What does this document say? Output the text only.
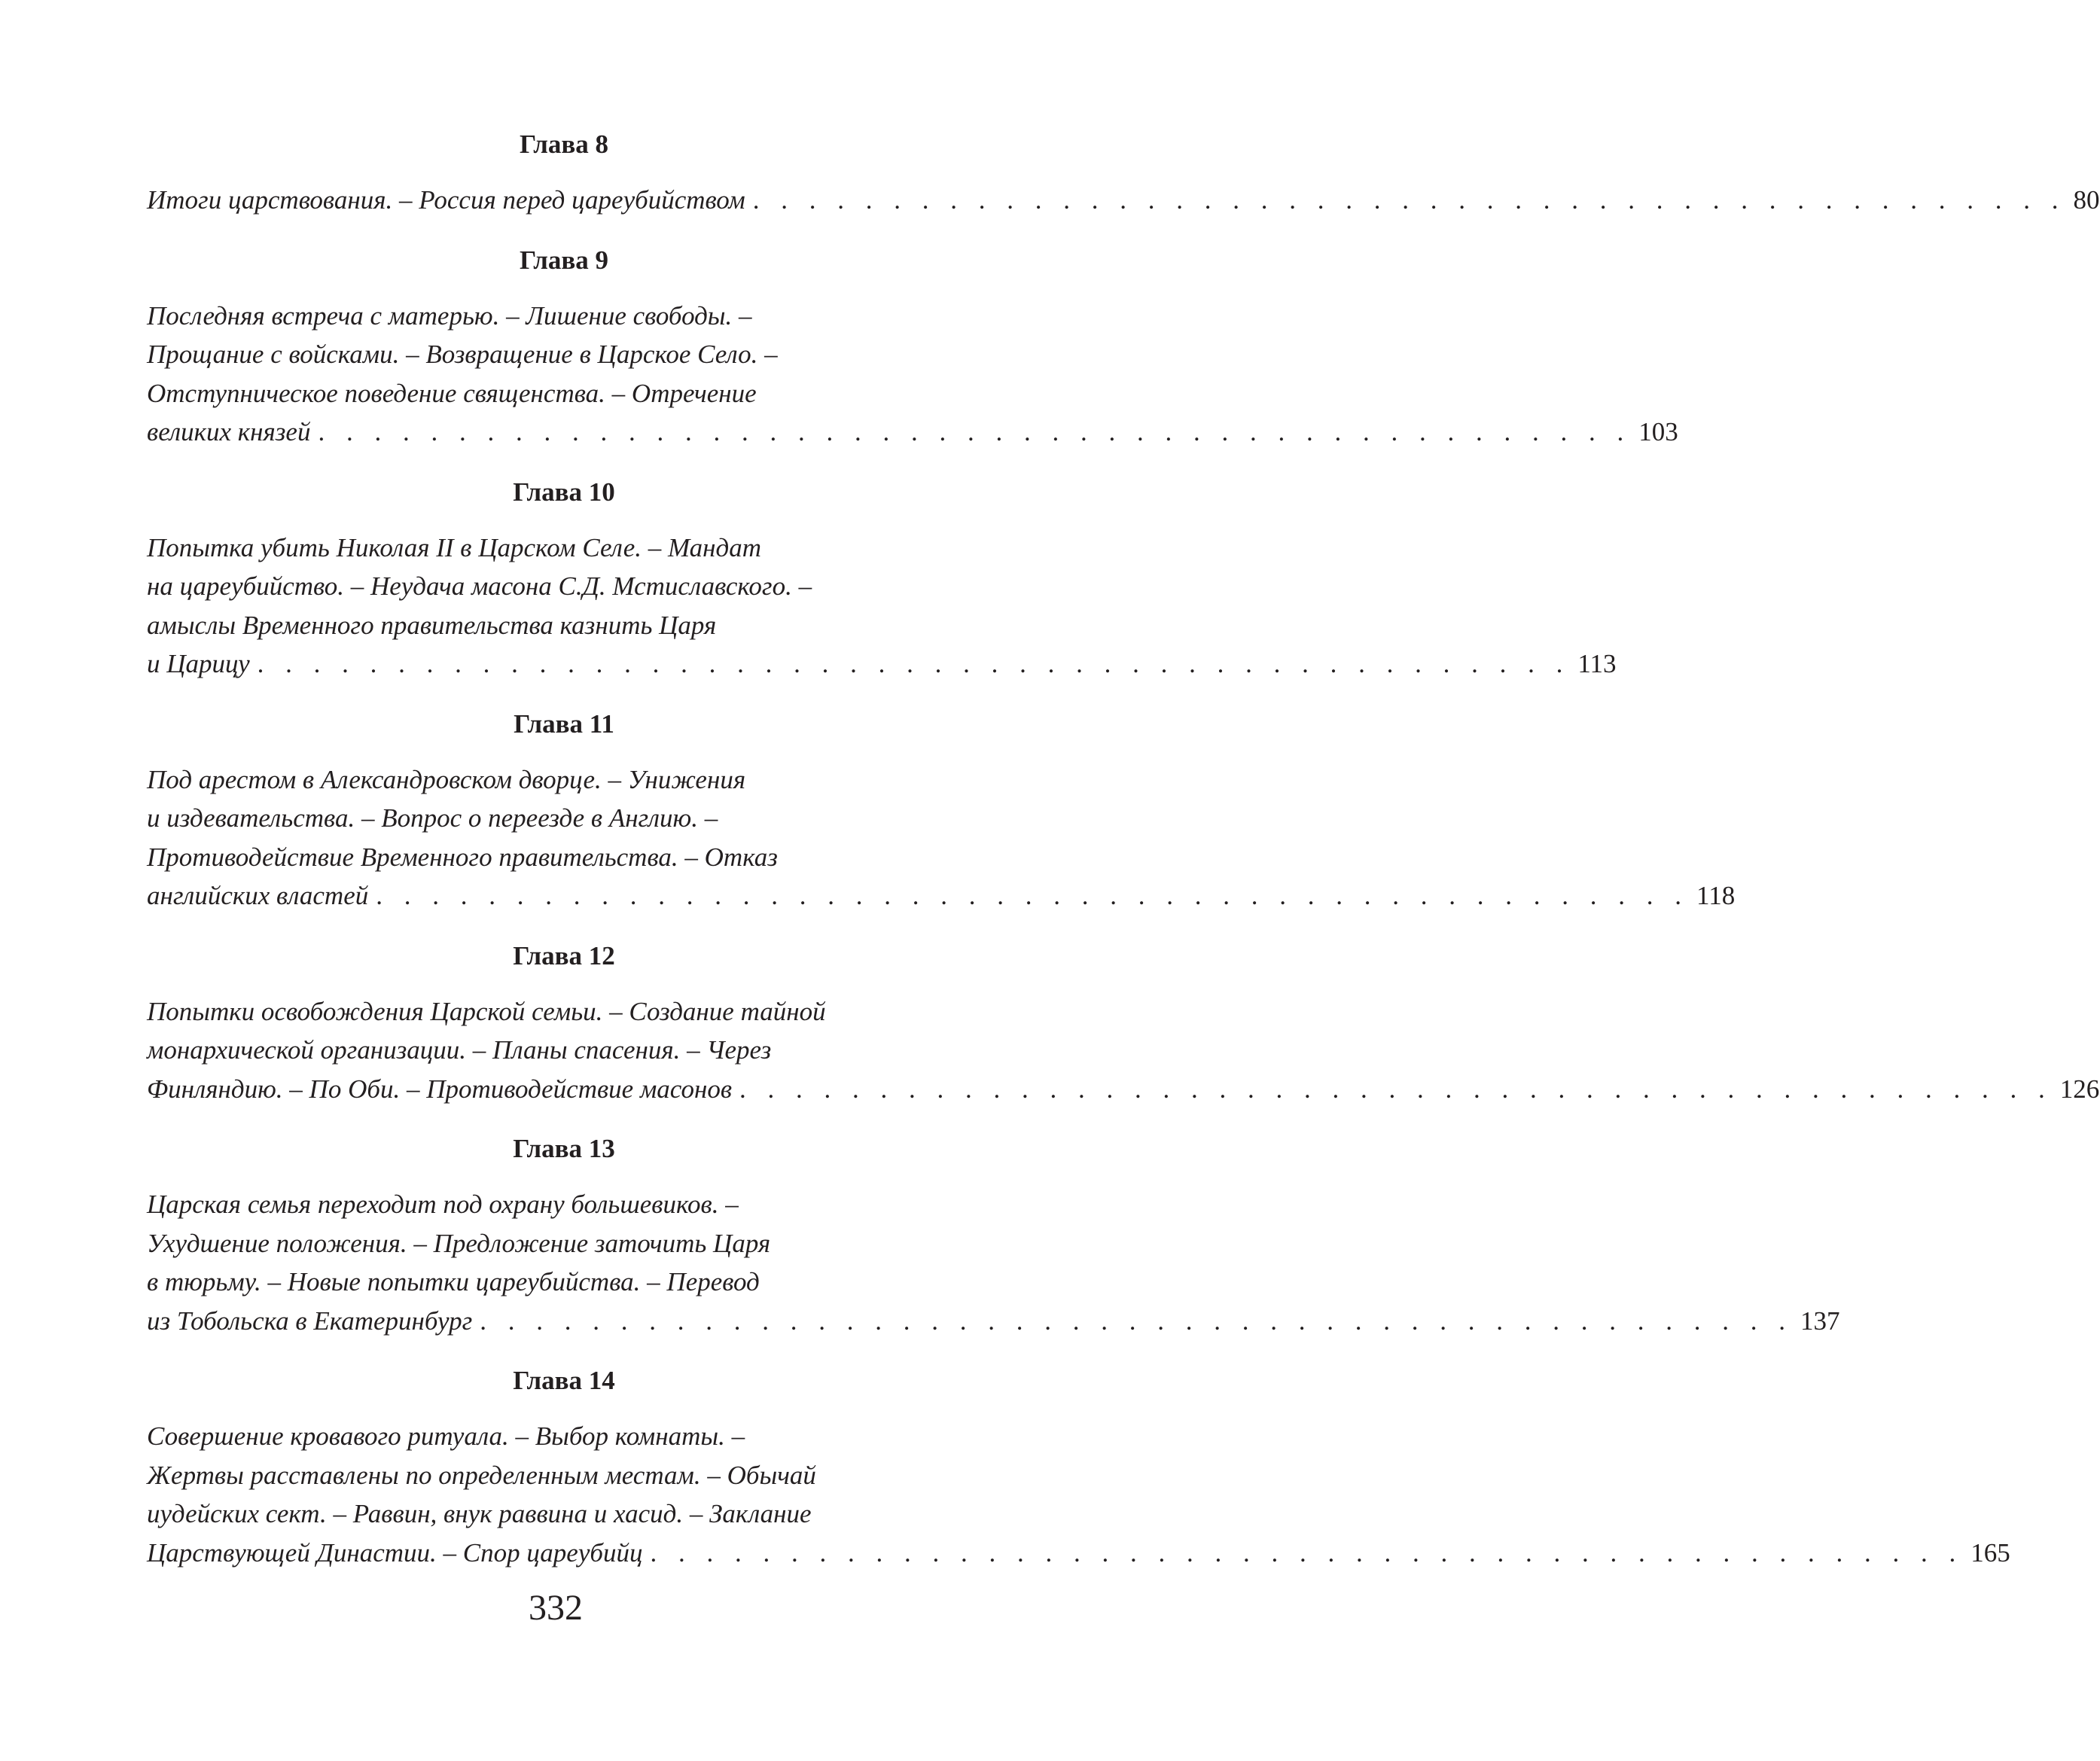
Глава 8
Итоги царствования. – Россия перед цареубийством . . . . . . . . . . . . . . . . . . . . . . . . . . . . . . . . . . . . . . . . . . . . . . . 80
Глава 9
Последняя встреча с матерью. – Лишение свободы. –
Прощание с войсками. – Возвращение в Царское Село. –
Отступническое поведение священства. – Отречение
великих князей . . . . . . . . . . . . . . . . . . . . . . . . . . . . . . . . . . . . . . . . . . . . . . . 103
Глава 10
Попытка убить Николая II в Царском Селе. – Мандат
на цареубийство. – Неудача масона С.Д. Мстиславского. –
амыслы Временного правительства казнить Царя
и Царицу . . . . . . . . . . . . . . . . . . . . . . . . . . . . . . . . . . . . . . . . . . . . . . . 113
Глава 11
Под арестом в Александровском дворце. – Унижения
и издевательства. – Вопрос о переезде в Англию. –
Противодействие Временного правительства. – Отказ
английских властей . . . . . . . . . . . . . . . . . . . . . . . . . . . . . . . . . . . . . . . . . . . . . . . 118
Глава 12
Попытки освобождения Царской семьи. – Создание тайной
монархической организации. – Планы спасения. – Через
Финляндию. – По Оби. – Противодействие масонов . . . . . . . . . . . . . . . . . . . . . . . . . . . . . . . . . . . . . . . . . . . . . . . 126
Глава 13
Царская семья переходит под охрану большевиков. –
Ухудшение положения. – Предложение заточить Царя
в тюрьму. – Новые попытки цареубийства. – Перевод
из Тобольска в Екатеринбург . . . . . . . . . . . . . . . . . . . . . . . . . . . . . . . . . . . . . . . . . . . . . . . 137
Глава 14
Совершение кровавого ритуала. – Выбор комнаты. –
Жертвы расставлены по определенным местам. – Обычай
иудейских сект. – Раввин, внук раввина и хасид. – Заклание
Царствующей Династии. – Спор цареубийц . . . . . . . . . . . . . . . . . . . . . . . . . . . . . . . . . . . . . . . . . . . . . . . 165
332
